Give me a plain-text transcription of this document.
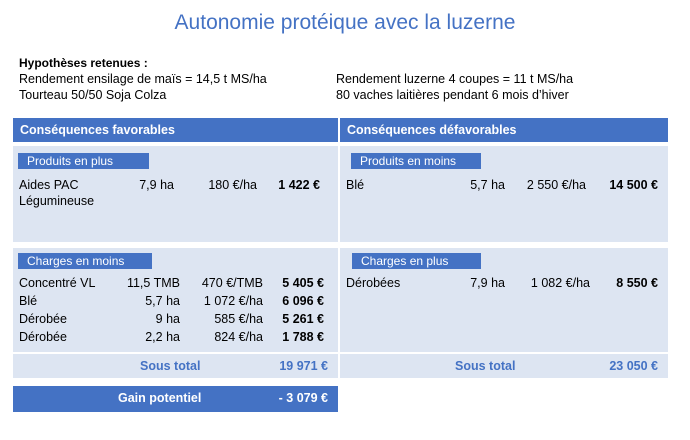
Autonomie protéique avec la luzerne
Hypothèses retenues :
Rendement ensilage de maïs = 14,5 t MS/ha
Tourteau 50/50 Soja Colza
Rendement luzerne 4 coupes = 11 t MS/ha
80 vaches laitières pendant 6 mois d’hiver
Conséquences favorables	Conséquences défavorables
Produits en plus
Charges en moins
Produits en moins
Charges en plus
Aides PAC
Légumineuse
7,9 ha	180 €/ha	1 422 €
Concentré VL	11,5 TMB	470 €/TMB	5 405 €
Blé	5,7 ha	1 072 €/ha	6 096 €
Dérobée	9 ha	585 €/ha	5 261 €
Dérobée	2,2 ha	824 €/ha	1 788 €
Sous total	19 971 €
Blé	5,7 ha	2 550 €/ha	14 500 €
Dérobées	7,9 ha	1 082 €/ha	8 550 €
Sous total	23 050 €
Gain potentiel	- 3 079 €
